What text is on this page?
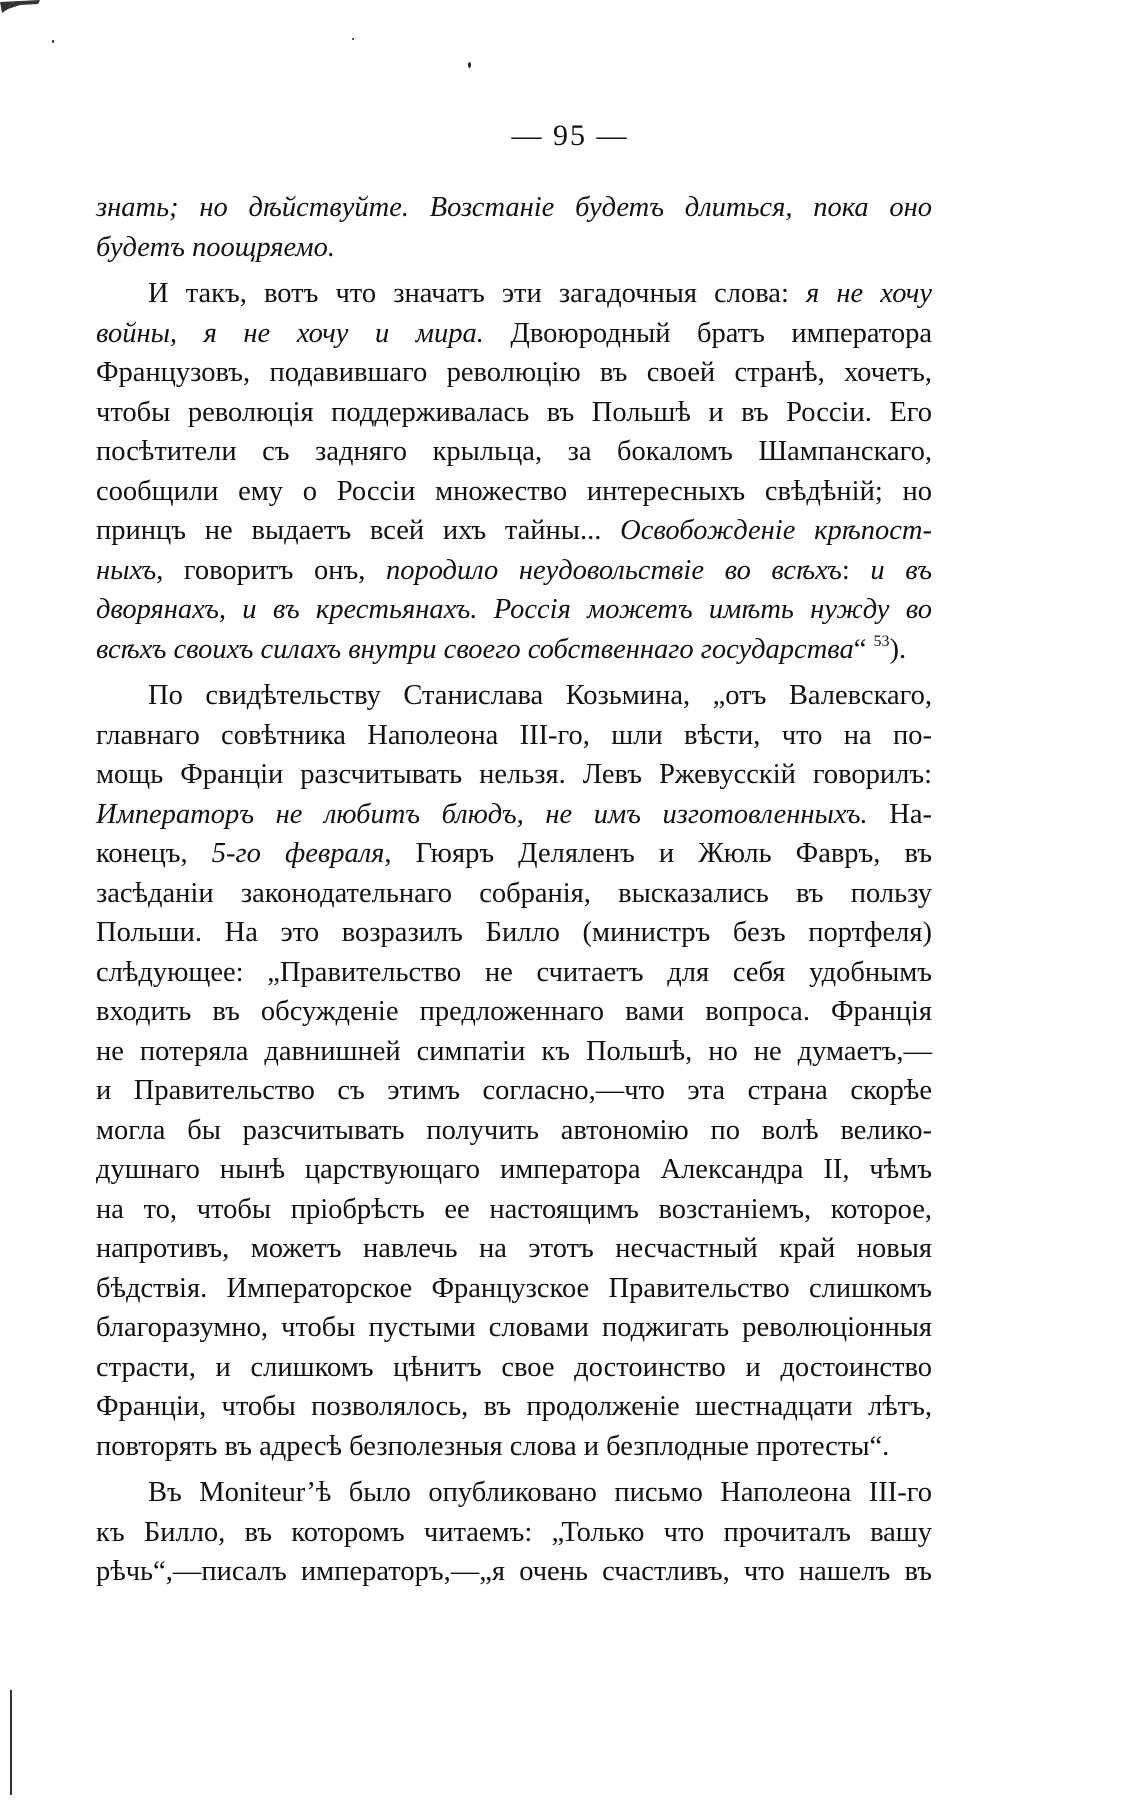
— 95 —
знать; но дѣйствуйте. Возстаніе будетъ длиться, пока оно
будетъ поощряемо.
И такъ, вотъ что значатъ эти загадочныя слова: я не хочу
войны, я не хочу и мира. Двоюродный братъ императора
Французовъ, подавившаго революцію въ своей странѣ, хочетъ,
чтобы революція поддерживалась въ Польшѣ и въ Россіи. Его
посѣтители съ задняго крыльца, за бокаломъ Шампанскаго,
сообщили ему о Россіи множество интересныхъ свѣдѣній; но
принцъ не выдаетъ всей ихъ тайны... Освобожденіе крѣпост-
ныхъ, говоритъ онъ, породило неудовольствіе во всѣхъ: и въ
дворянахъ, и въ крестьянахъ. Россія можетъ имѣть нужду во
всѣхъ своихъ силахъ внутри своего собственнаго государства“ $^{53}$).
По свидѣтельству Станислава Козьмина, „отъ Валевскаго,
главнаго совѣтника Наполеона III-го, шли вѣсти, что на по-
мощь Франціи разсчитывать нельзя. Левъ Ржевусскій говорилъ:
Императоръ не любитъ блюдъ, не имъ изготовленныхъ. На-
конецъ, 5-го февраля, Гюяръ Деляленъ и Жюль Фавръ, въ
засѣданіи законодательнаго собранія, высказались въ пользу
Польши. На это возразилъ Билло (министръ безъ портфеля)
слѣдующее: „Правительство не считаетъ для себя удобнымъ
входить въ обсужденіе предложеннаго вами вопроса. Франція
не потеряла давнишней симпатіи къ Польшѣ, но не думаетъ,—
и Правительство съ этимъ согласно,—что эта страна скорѣе
могла бы разсчитывать получить автономію по волѣ велико-
душнаго нынѣ царствующаго императора Александра II, чѣмъ
на то, чтобы пріобрѣсть ее настоящимъ возстаніемъ, которое,
напротивъ, можетъ навлечь на этотъ несчастный край новыя
бѣдствія. Императорское Французское Правительство слишкомъ
благоразумно, чтобы пустыми словами поджигать революціонныя
страсти, и слишкомъ цѣнитъ свое достоинство и достоинство
Франціи, чтобы позволялось, въ продолженіе шестнадцати лѣтъ,
повторять въ адресѣ безполезныя слова и безплодные протесты“.
Въ Moniteur’ѣ было опубликовано письмо Наполеона III-го
къ Билло, въ которомъ читаемъ: „Только что прочиталъ вашу
рѣчь“,—писалъ императоръ,—„я очень счастливъ, что нашелъ въ
